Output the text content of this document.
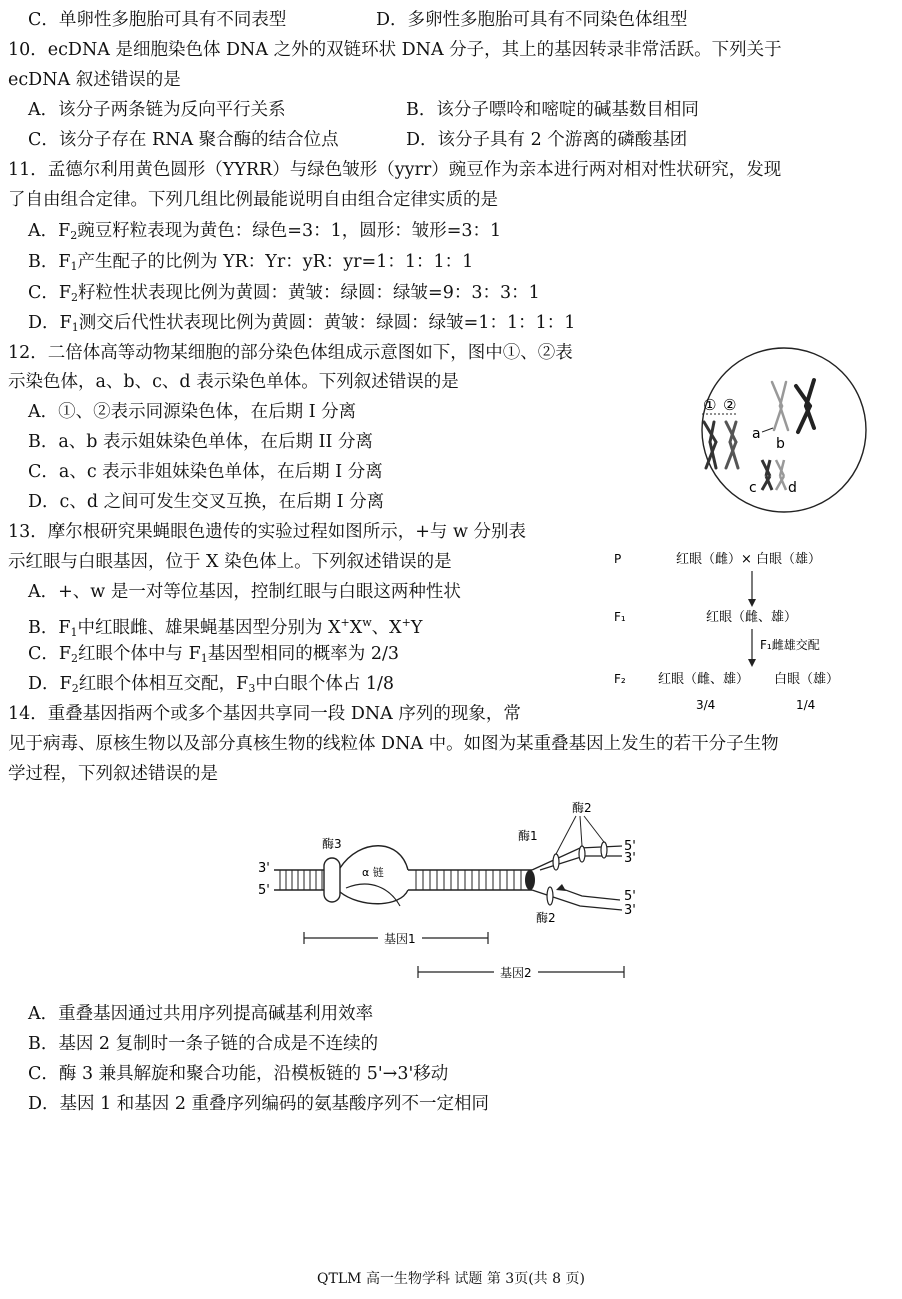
C．单卵性多胞胎可具有不同表型	D．多卵性多胞胎可具有不同染色体组型
10．ecDNA 是细胞染色体 DNA 之外的双链环状 DNA 分子，其上的基因转录非常活跃。下列关于
ecDNA 叙述错误的是
A．该分子两条链为反向平行关系	B．该分子嘌呤和嘧啶的碱基数目相同
C．该分子存在 RNA 聚合酶的结合位点	D．该分子具有 2 个游离的磷酸基团
11．孟德尔利用黄色圆形（YYRR）与绿色皱形（yyrr）豌豆作为亲本进行两对相对性状研究，发现
了自由组合定律。下列几组比例最能说明自由组合定律实质的是
A．$F_2$豌豆籽粒表现为黄色：绿色=3：1，圆形：皱形=3：1
B．$F_1$产生配子的比例为 YR：Yr：yR：yr=1：1：1：1
C．$F_2$籽粒性状表现比例为黄圆：黄皱：绿圆：绿皱=9：3：3：1
D．$F_1$测交后代性状表现比例为黄圆：黄皱：绿圆：绿皱=1：1：1：1
12．二倍体高等动物某细胞的部分染色体组成示意图如下，图中①、②表
示染色体，a、b、c、d 表示染色单体。下列叙述错误的是
A．①、②表示同源染色体，在后期 I 分离
B．a、b 表示姐妹染色单体，在后期 II 分离
C．a、c 表示非姐妹染色单体，在后期 I 分离
D．c、d 之间可发生交叉互换，在后期 I 分离
① ②
a
b
c d
13．摩尔根研究果蝇眼色遗传的实验过程如图所示，+与 w 分别表
示红眼与白眼基因，位于 X 染色体上。下列叙述错误的是
A．+、w 是一对等位基因，控制红眼与白眼这两种性状
B．$F_1$中红眼雌、雄果蝇基因型分别为 $X^+X^w$、X+Y
C．$F_2$红眼个体中与 $F_1$基因型相同的概率为 2/3
D．$F_2$红眼个体相互交配，$F_3$中白眼个体占 1/8
P	红眼（雌）× 白眼（雄）
F₁	红眼（雌、雄）
F₁雌雄交配
F₂ 红眼（雌、雄） 白眼（雄）
3/4	1/4
14．重叠基因指两个或多个基因共享同一段 DNA 序列的现象，常
见于病毒、原核生物以及部分真核生物的线粒体 DNA 中。如图为某重叠基因上发生的若干分子生物
学过程，下列叙述错误的是
3'
5'
酶3
α 链
酶1
酶2
酶2
5'
3'
5'
3'
基因1
基因2
A．重叠基因通过共用序列提高碱基利用效率
B．基因 2 复制时一条子链的合成是不连续的
C．酶 3 兼具解旋和聚合功能，沿模板链的 5'→3'移动
D．基因 1 和基因 2 重叠序列编码的氨基酸序列不一定相同
QTLM 高一生物学科 试题 第 3页(共 8 页)
